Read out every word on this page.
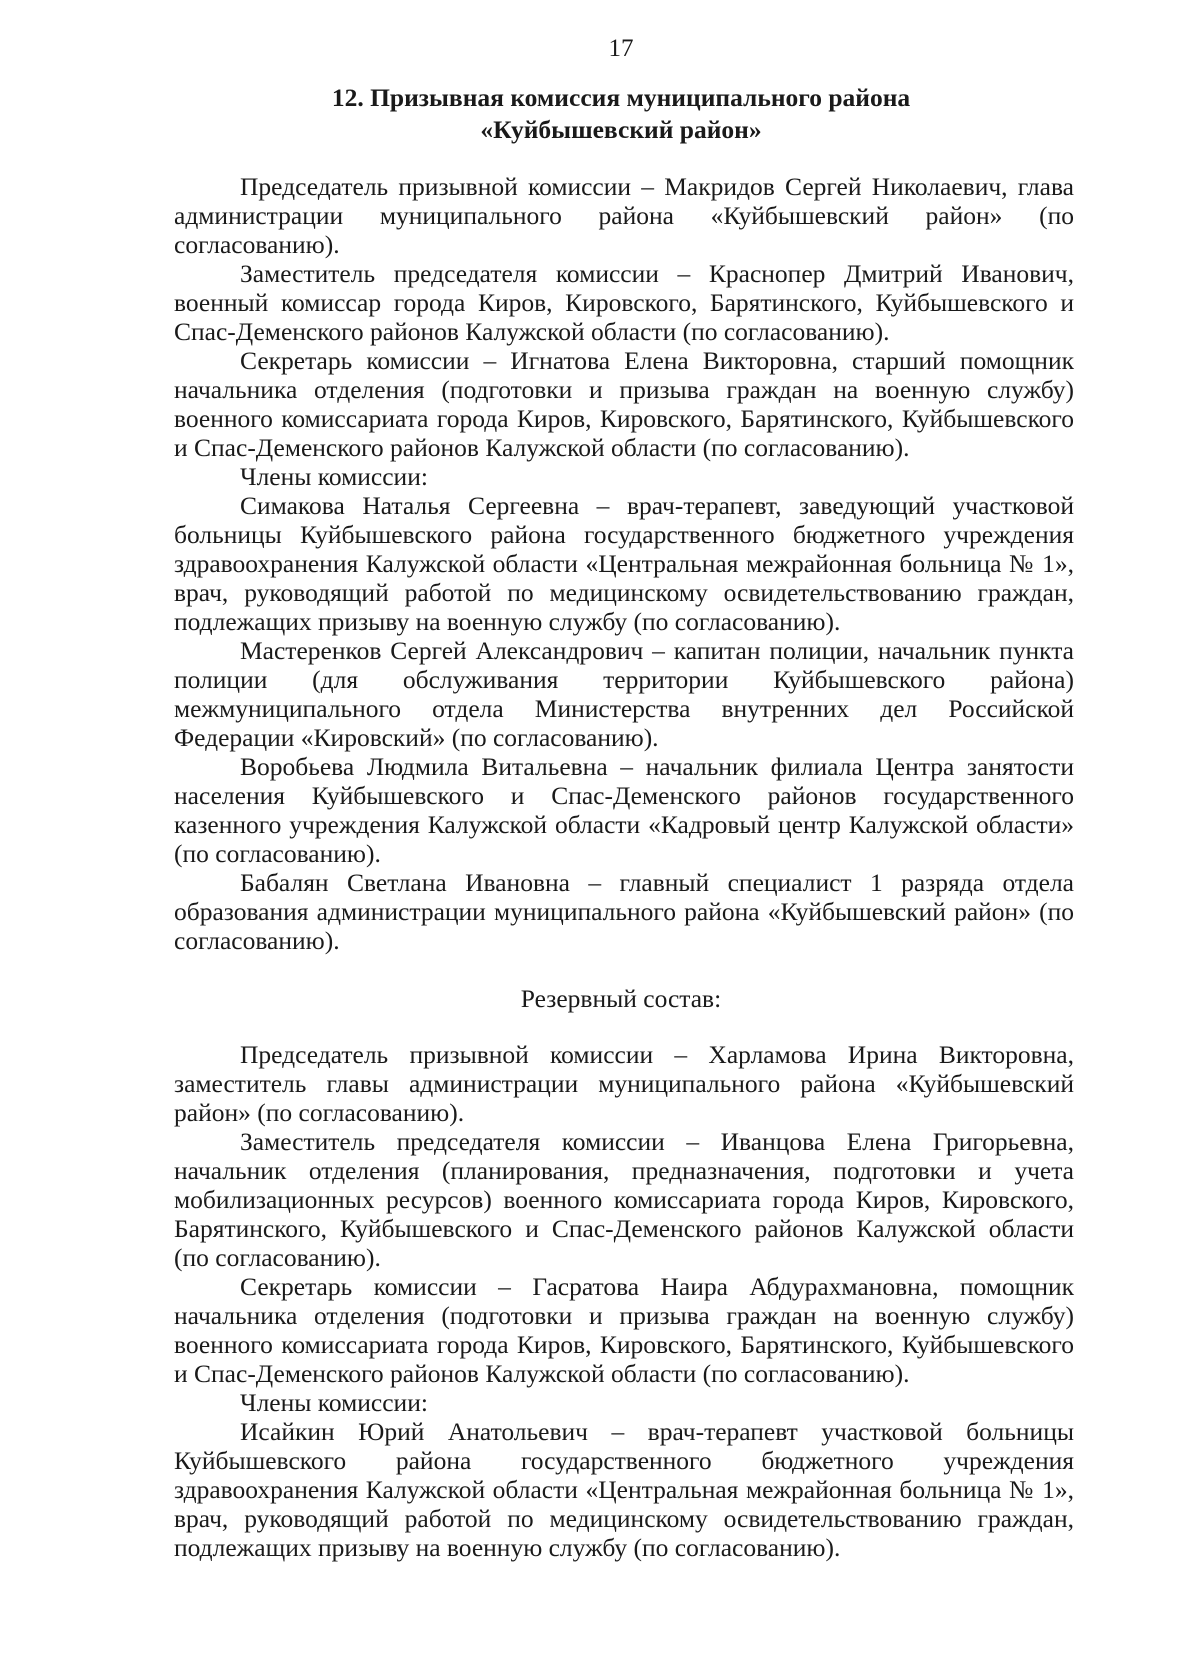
17
12. Призывная комиссия муниципального района
«Куйбышевский район»

Председатель призывной комиссии – Макридов Сергей Николаевич, глава администрации муниципального района «Куйбышевский район» (по согласованию).

Заместитель председателя комиссии – Краснопер Дмитрий Иванович, военный комиссар города Киров, Кировского, Барятинского, Куйбышевского и Спас-Деменского районов Калужской области (по согласованию).

Секретарь комиссии – Игнатова Елена Викторовна, старший помощник начальника отделения (подготовки и призыва граждан на военную службу) военного комиссариата города Киров, Кировского, Барятинского, Куйбышевского и Спас-Деменского районов Калужской области (по согласованию).

Члены комиссии:

Симакова Наталья Сергеевна – врач-терапевт, заведующий участковой больницы Куйбышевского района государственного бюджетного учреждения здравоохранения Калужской области «Центральная межрайонная больница № 1», врач, руководящий работой по медицинскому освидетельствованию граждан, подлежащих призыву на военную службу (по согласованию).

Мастеренков Сергей Александрович – капитан полиции, начальник пункта полиции (для обслуживания территории Куйбышевского района) межмуниципального отдела Министерства внутренних дел Российской Федерации «Кировский» (по согласованию).

Воробьева Людмила Витальевна – начальник филиала Центра занятости населения Куйбышевского и Спас-Деменского районов государственного казенного учреждения Калужской области «Кадровый центр Калужской области» (по согласованию).

Бабалян Светлана Ивановна – главный специалист 1 разряда отдела образования администрации муниципального района «Куйбышевский район» (по согласованию).

Резервный состав:

Председатель призывной комиссии – Харламова Ирина Викторовна, заместитель главы администрации муниципального района «Куйбышевский район» (по согласованию).

Заместитель председателя комиссии – Иванцова Елена Григорьевна, начальник отделения (планирования, предназначения, подготовки и учета мобилизационных ресурсов) военного комиссариата города Киров, Кировского, Барятинского, Куйбышевского и Спас-Деменского районов Калужской области (по согласованию).

Секретарь комиссии – Гасратова Наира Абдурахмановна, помощник начальника отделения (подготовки и призыва граждан на военную службу) военного комиссариата города Киров, Кировского, Барятинского, Куйбышевского и Спас-Деменского районов Калужской области (по согласованию).

Члены комиссии:

Исайкин Юрий Анатольевич – врач-терапевт участковой больницы Куйбышевского района государственного бюджетного учреждения здравоохранения Калужской области «Центральная межрайонная больница № 1», врач, руководящий работой по медицинскому освидетельствованию граждан, подлежащих призыву на военную службу (по согласованию).
